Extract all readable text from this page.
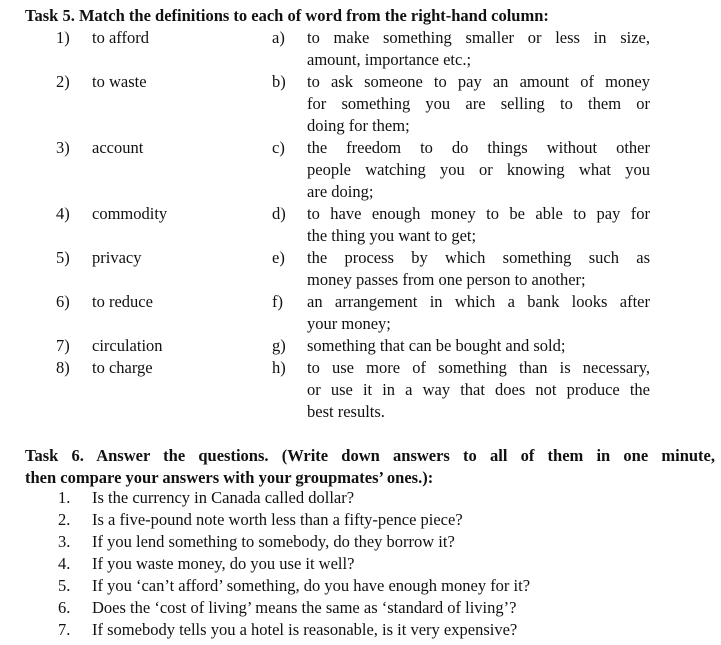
Task 5. Match the definitions to each of word from the right-hand column:
1)	to afford	a)	to make something smaller or less in size,
amount, importance etc.;
2)	to waste	b)	to ask someone to pay an amount of money
for something you are selling to them or
doing for them;
3)	account	c)	the freedom to do things without other
people watching you or knowing what you
are doing;
4)	commodity	d)	to have enough money to be able to pay for
the thing you want to get;
5)	privacy	e)	the process by which something such as
money passes from one person to another;
6)	to reduce	f)	an arrangement in which a bank looks after
your money;
7)	circulation	g)	something that can be bought and sold;
8)	to charge	h)	to use more of something than is necessary,
or use it in a way that does not produce the
best results.
Task 6. Answer the questions. (Write down answers to all of them in one minute,
then compare your answers with your groupmates’ ones.):
1. Is the currency in Canada called dollar?
2. Is a five-pound note worth less than a fifty-pence piece?
3. If you lend something to somebody, do they borrow it?
4. If you waste money, do you use it well?
5. If you ‘can’t afford’ something, do you have enough money for it?
6. Does the ‘cost of living’ means the same as ‘standard of living’?
7. If somebody tells you a hotel is reasonable, is it very expensive?
